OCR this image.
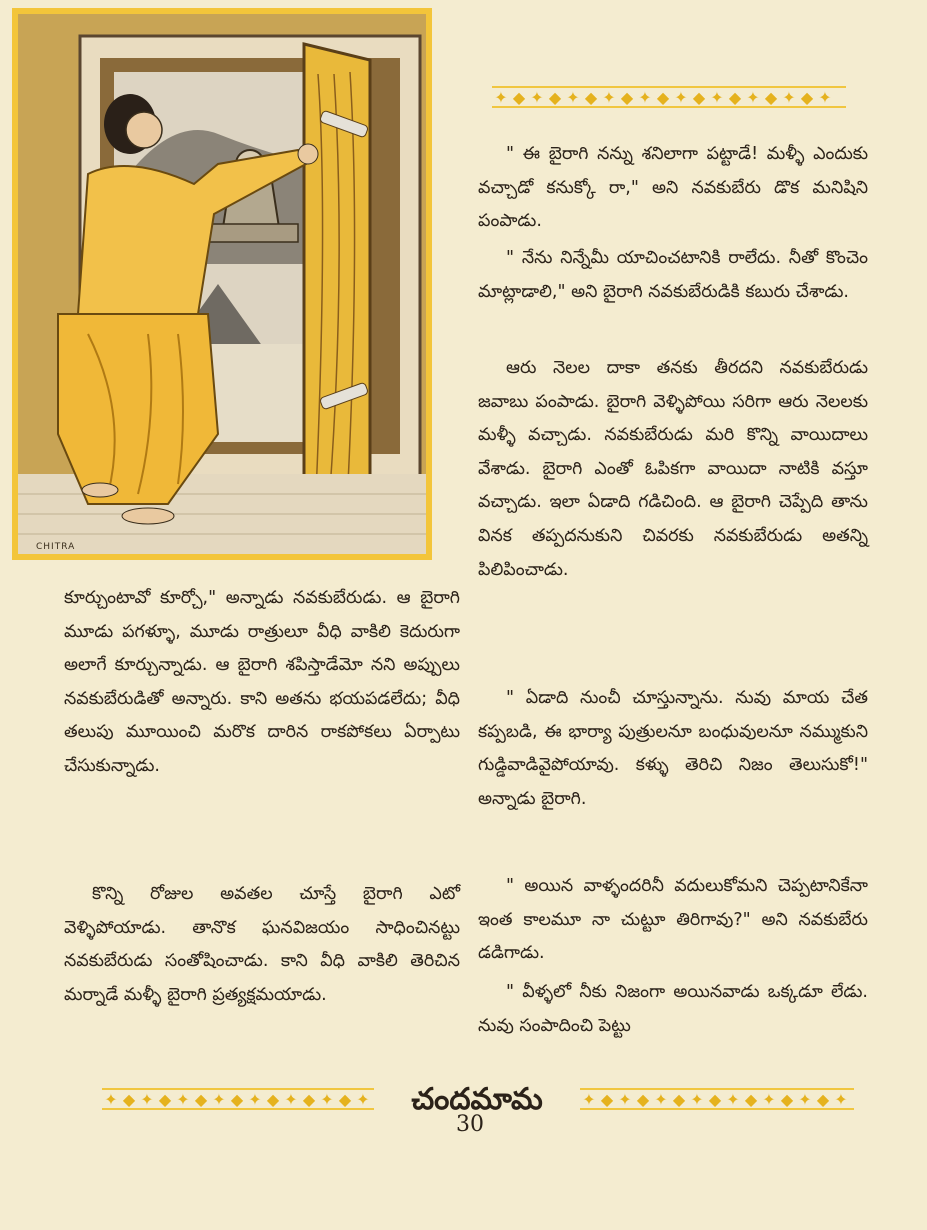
CHITRA
✦ ◆ ✦ ◆ ✦ ◆ ✦ ◆ ✦ ◆ ✦ ◆ ✦ ◆ ✦ ◆ ✦ ◆ ✦

" ఈ బైరాగి నన్ను శనిలాగా పట్టాడే! మళ్ళీ ఎందుకు వచ్చాడో కనుక్కో రా," అని నవకుబేరు డొక మనిషిని పంపాడు.

" నేను నిన్నేమీ యాచించటానికి రాలేదు. నీతో కొంచెం మాట్లాడాలి," అని బైరాగి నవకుబేరుడికి కబురు చేశాడు.

ఆరు నెలల దాకా తనకు తీరదని నవకుబేరుడు జవాబు పంపాడు. బైరాగి వెళ్ళిపోయి సరిగా ఆరు నెలలకు మళ్ళీ వచ్చాడు. నవకుబేరుడు మరి కొన్ని వాయిదాలు వేశాడు. బైరాగి ఎంతో ఓపికగా వాయిదా నాటికి వస్తూ వచ్చాడు. ఇలా ఏడాది గడిచింది. ఆ బైరాగి చెప్పేది తాను వినక తప్పదనుకుని చివరకు నవకుబేరుడు అతన్ని పిలిపించాడు.

" ఏడాది నుంచీ చూస్తున్నాను. నువు మాయ చేత కప్పబడి, ఈ భార్యా పుత్రులనూ బంధువులనూ నమ్ముకుని గుడ్డివాడివైపోయావు. కళ్ళు తెరిచి నిజం తెలుసుకో!" అన్నాడు బైరాగి.

" అయిన వాళ్ళందరినీ వదులుకోమని చెప్పటానికేనా ఇంత కాలమూ నా చుట్టూ తిరిగావు?" అని నవకుబేరు డడిగాడు.

" వీళ్ళలో నీకు నిజంగా అయినవాడు ఒక్కడూ లేడు. నువు సంపాదించి పెట్టు

కూర్చుంటావో కూర్చో," అన్నాడు నవకుబేరుడు. ఆ బైరాగి మూడు పగళ్ళూ, మూడు రాత్రులూ వీధి వాకిలి కెదురుగా అలాగే కూర్చున్నాడు. ఆ బైరాగి శపిస్తాడేమో నని అప్పులు నవకుబేరుడితో అన్నారు. కాని అతను భయపడలేదు; వీధి తలుపు మూయించి మరొక దారిన రాకపోకలు ఏర్పాటు చేసుకున్నాడు.

కొన్ని రోజుల అవతల చూస్తే బైరాగి ఎటో వెళ్ళిపోయాడు. తానొక ఘనవిజయం సాధించినట్టు నవకుబేరుడు సంతోషించాడు. కాని వీధి వాకిలి తెరిచిన మర్నాడే మళ్ళీ బైరాగి ప్రత్యక్షమయాడు.

✦ ◆ ✦ ◆ ✦ ◆ ✦ ◆ ✦ ◆ ✦ ◆ ✦ ◆ ✦	చందమామ	✦ ◆ ✦ ◆ ✦ ◆ ✦ ◆ ✦ ◆ ✦ ◆ ✦ ◆ ✦
30
